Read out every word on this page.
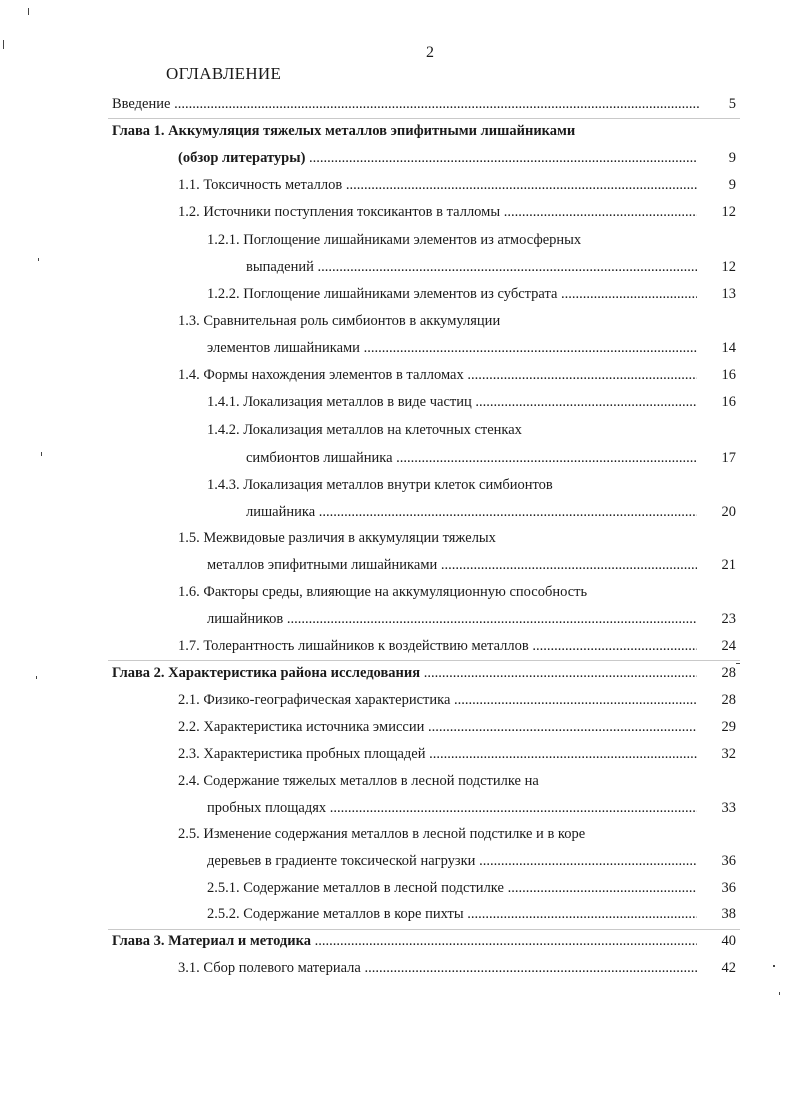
2
ОГЛАВЛЕНИЕ
Введение .....	5
Глава 1. Аккумуляция тяжелых металлов эпифитными лишайниками
(обзор литературы) .....	9
1.1. Токсичность металлов .....	9
1.2. Источники поступления токсикантов в талломы .....	12
1.2.1. Поглощение лишайниками элементов из атмосферных
выпадений .....	12
1.2.2. Поглощение лишайниками элементов из субстрата .....	13
1.3. Сравнительная роль симбионтов в аккумуляции
элементов лишайниками .....	14
1.4. Формы нахождения элементов в талломах .....	16
1.4.1. Локализация металлов в виде частиц .....	16
1.4.2. Локализация металлов на клеточных стенках
симбионтов лишайника .....	17
1.4.3. Локализация металлов внутри клеток симбионтов
лишайника .....	20
1.5. Межвидовые различия в аккумуляции тяжелых
металлов эпифитными лишайниками .....	21
1.6. Факторы среды, влияющие на аккумуляционную способность
лишайников .....	23
1.7. Толерантность лишайников к воздействию металлов .....	24
Глава 2. Характеристика района исследования .....	28
2.1. Физико-географическая характеристика .....	28
2.2. Характеристика источника эмиссии .....	29
2.3. Характеристика пробных площадей .....	32
2.4. Содержание тяжелых металлов в лесной подстилке на
пробных площадях .....	33
2.5. Изменение содержания металлов в лесной подстилке и в коре
деревьев в градиенте токсической нагрузки .....	36
2.5.1. Содержание металлов в лесной подстилке .....	36
2.5.2. Содержание металлов в коре пихты .....	38
Глава 3. Материал и методика .....	40
3.1. Сбор полевого материала .....	42
